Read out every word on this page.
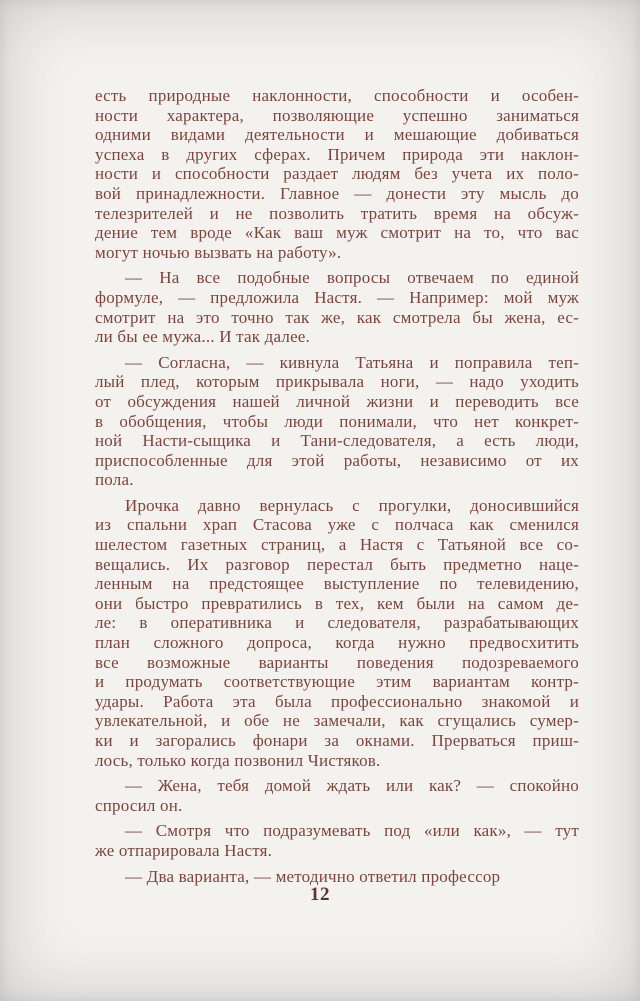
есть природные наклонности, способности и особен-
ности характера, позволяющие успешно заниматься
одними видами деятельности и мешающие добиваться
успеха в других сферах. Причем природа эти наклон-
ности и способности раздает людям без учета их поло-
вой принадлежности. Главное — донести эту мысль до
телезрителей и не позволить тратить время на обсуж-
дение тем вроде «Как ваш муж смотрит на то, что вас
могут ночью вызвать на работу».
— На все подобные вопросы отвечаем по единой
формуле, — предложила Настя. — Например: мой муж
смотрит на это точно так же, как смотрела бы жена, ес-
ли бы ее мужа... И так далее.
— Согласна, — кивнула Татьяна и поправила теп-
лый плед, которым прикрывала ноги, — надо уходить
от обсуждения нашей личной жизни и переводить все
в обобщения, чтобы люди понимали, что нет конкрет-
ной Насти-сыщика и Тани-следователя, а есть люди,
приспособленные для этой работы, независимо от их
пола.
Ирочка давно вернулась с прогулки, доносившийся
из спальни храп Стасова уже с полчаса как сменился
шелестом газетных страниц, а Настя с Татьяной все со-
вещались. Их разговор перестал быть предметно наце-
ленным на предстоящее выступление по телевидению,
они быстро превратились в тех, кем были на самом де-
ле: в оперативника и следователя, разрабатывающих
план сложного допроса, когда нужно предвосхитить
все возможные варианты поведения подозреваемого
и продумать соответствующие этим вариантам контр-
удары. Работа эта была профессионально знакомой и
увлекательной, и обе не замечали, как сгущались сумер-
ки и загорались фонари за окнами. Прерваться приш-
лось, только когда позвонил Чистяков.
— Жена, тебя домой ждать или как? — спокойно
спросил он.
— Смотря что подразумевать под «или как», — тут
же отпарировала Настя.
— Два варианта, — методично ответил профессор
12
